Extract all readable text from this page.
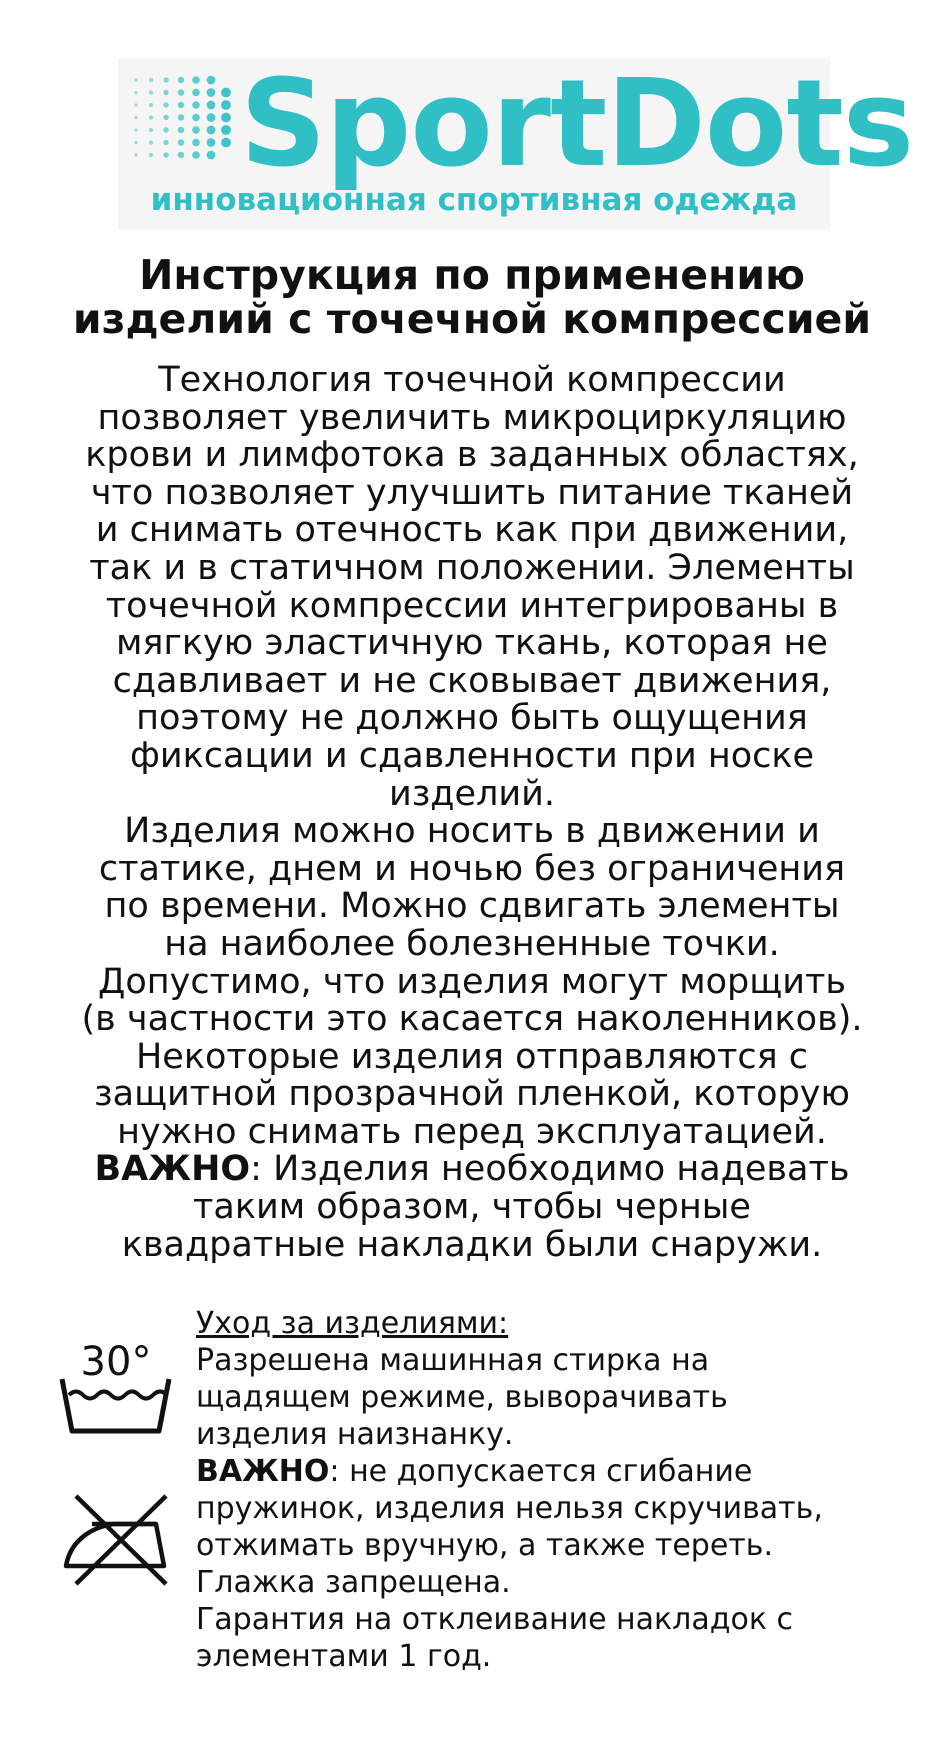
SportDots
инновационная спортивная одежда
Инструкция по применению
изделий с точечной компрессией
Технология точечной компрессии
позволяет увеличить микроциркуляцию
крови и лимфотока в заданных областях,
что позволяет улучшить питание тканей
и снимать отечность как при движении,
так и в статичном положении. Элементы
точечной компрессии интегрированы в
мягкую эластичную ткань, которая не
сдавливает и не сковывает движения,
поэтому не должно быть ощущения
фиксации и сдавленности при носке
изделий.
Изделия можно носить в движении и
статике, днем и ночью без ограничения
по времени. Можно сдвигать элементы
на наиболее болезненные точки.
Допустимо, что изделия могут морщить
(в частности это касается наколенников).
Некоторые изделия отправляются с
защитной прозрачной пленкой, которую
нужно снимать перед эксплуатацией.
ВАЖНО: Изделия необходимо надевать
таким образом, чтобы черные
квадратные накладки были снаружи.
30°
Уход за изделиями:
Разрешена машинная стирка на
щадящем режиме, выворачивать
изделия наизнанку.
ВАЖНО: не допускается сгибание
пружинок, изделия нельзя скручивать,
отжимать вручную, а также тереть.
Глажка запрещена.
Гарантия на отклеивание накладок с
элементами 1 год.
